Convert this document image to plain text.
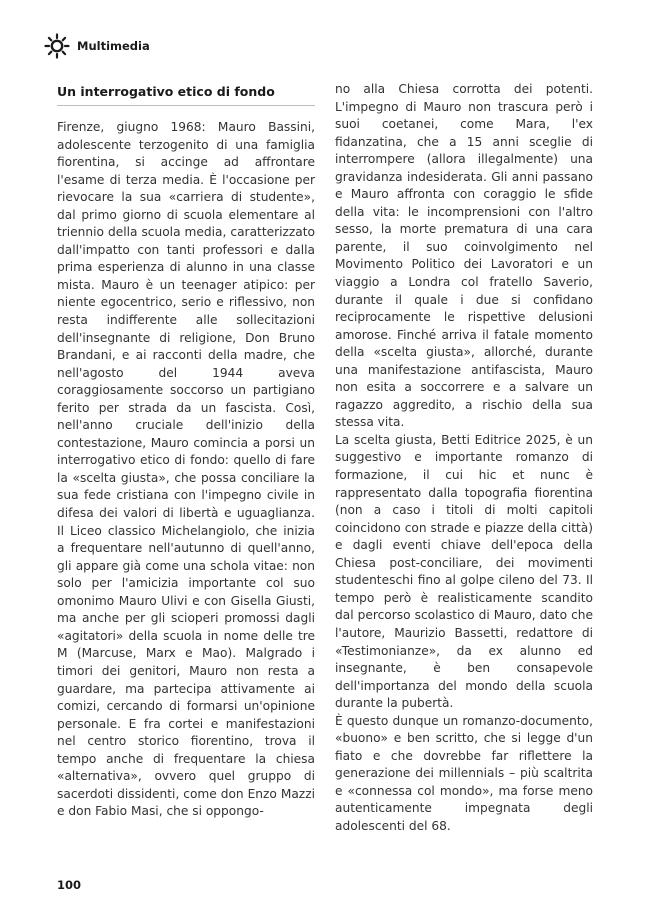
Multimedia
Un interrogativo etico di fondo

Firenze, giugno 1968: Mauro Bassini, adolescente terzogenito di una famiglia fiorentina, si accinge ad affrontare l'esame di terza media. È l'occasione per rievocare la sua «carriera di studente», dal primo giorno di scuola elementare al triennio della scuola media, caratterizzato dall'impatto con tanti professori e dalla prima esperienza di alunno in una classe mista. Mauro è un teenager atipico: per niente egocentrico, serio e riflessivo, non resta indifferente alle sollecitazioni dell'insegnante di religione, Don Bruno Brandani, e ai racconti della madre, che nell'agosto del 1944 aveva coraggiosamente soccorso un partigiano ferito per strada da un fascista. Così, nell'anno cruciale dell'inizio della contestazione, Mauro comincia a porsi un interrogativo etico di fondo: quello di fare la «scelta giusta», che possa conciliare la sua fede cristiana con l'impegno civile in difesa dei valori di libertà e uguaglianza. Il Liceo classico Michelangiolo, che inizia a frequentare nell'autunno di quell'anno, gli appare già come una schola vitae: non solo per l'amicizia importante col suo omonimo Mauro Ulivi e con Gisella Giusti, ma anche per gli scioperi promossi dagli «agitatori» della scuola in nome delle tre M (Marcuse, Marx e Mao). Malgrado i timori dei genitori, Mauro non resta a guardare, ma partecipa attivamente ai comizi, cercando di formarsi un'opinione personale. E fra cortei e manifestazioni nel centro storico fiorentino, trova il tempo anche di frequentare la chiesa «alternativa», ovvero quel gruppo di sacerdoti dissidenti, come don Enzo Mazzi e don Fabio Masi, che si oppongo-

no alla Chiesa corrotta dei potenti. L'impegno di Mauro non trascura però i suoi coetanei, come Mara, l'ex fidanzatina, che a 15 anni sceglie di interrompere (allora illegalmente) una gravidanza indesiderata. Gli anni passano e Mauro affronta con coraggio le sfide della vita: le incomprensioni con l'altro sesso, la morte prematura di una cara parente, il suo coinvolgimento nel Movimento Politico dei Lavoratori e un viaggio a Londra col fratello Saverio, durante il quale i due si confidano reciprocamente le rispettive delusioni amorose. Finché arriva il fatale momento della «scelta giusta», allorché, durante una manifestazione antifascista, Mauro non esita a soccorrere e a salvare un ragazzo aggredito, a rischio della sua stessa vita.

La scelta giusta, Betti Editrice 2025, è un suggestivo e importante romanzo di formazione, il cui hic et nunc è rappresentato dalla topografia fiorentina (non a caso i titoli di molti capitoli coincidono con strade e piazze della città) e dagli eventi chiave dell'epoca della Chiesa post-conciliare, dei movimenti studenteschi fino al golpe cileno del 73. Il tempo però è realisticamente scandito dal percorso scolastico di Mauro, dato che l'autore, Maurizio Bassetti, redattore di «Testimonianze», da ex alunno ed insegnante, è ben consapevole dell'importanza del mondo della scuola durante la pubertà.

È questo dunque un romanzo-documento, «buono» e ben scritto, che si legge d'un fiato e che dovrebbe far riflettere la generazione dei millennials – più scaltrita e «connessa col mondo», ma forse meno autenticamente impegnata degli adolescenti del 68.

100
